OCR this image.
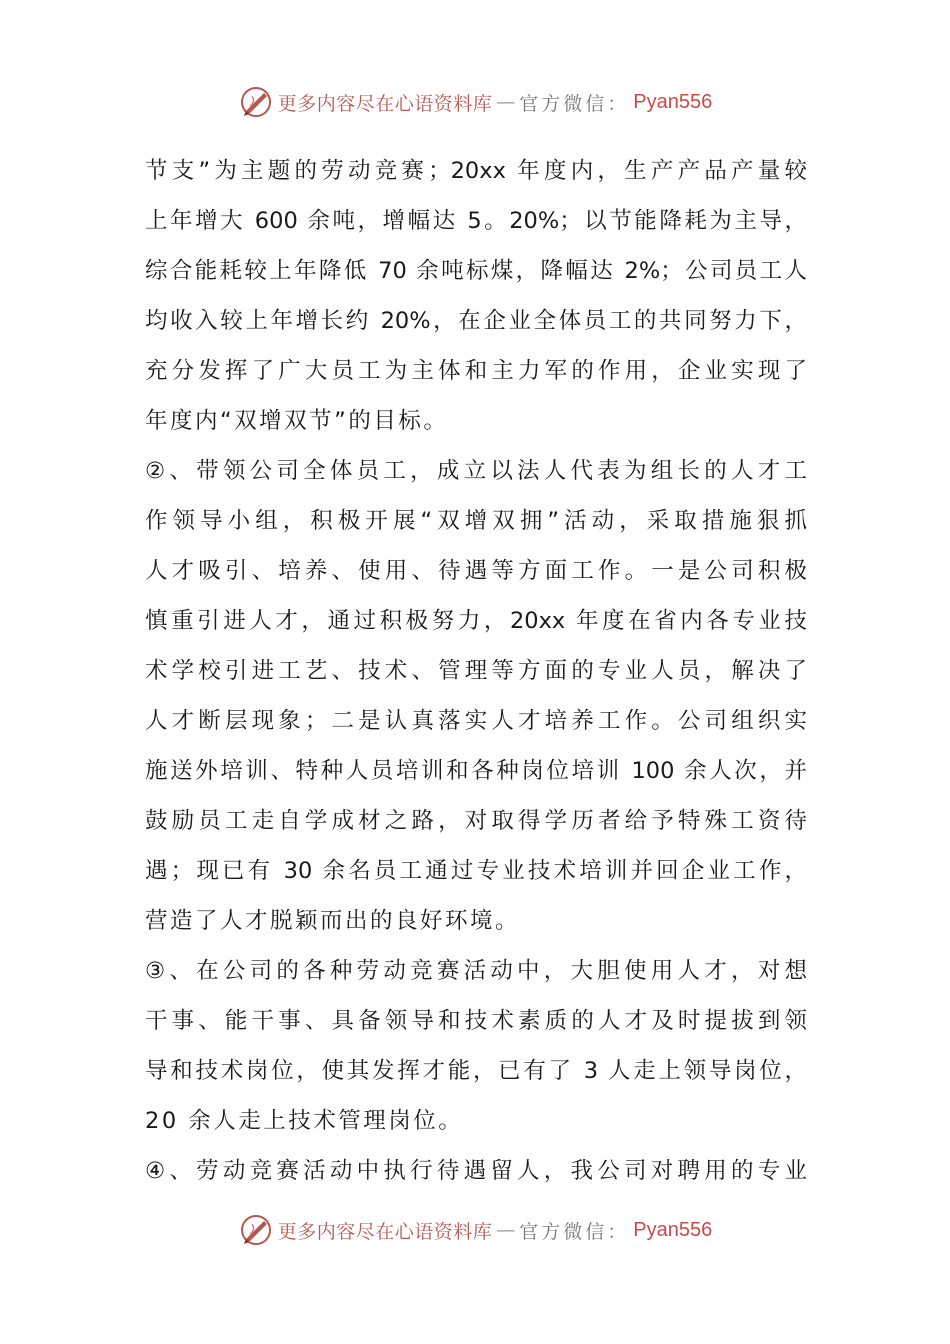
更多内容尽在心语资料库 — 官方微信： Pyan556
节支”为主题的劳动竞赛；20xx 年度内，生产产品产量较
上年增大 600 余吨，增幅达 5。20%；以节能降耗为主导，
综合能耗较上年降低 70 余吨标煤，降幅达 2%；公司员工人
均收入较上年增长约 20%，在企业全体员工的共同努力下，
充分发挥了广大员工为主体和主力军的作用，企业实现了
年度内“双增双节”的目标。
②、带领公司全体员工，成立以法人代表为组长的人才工
作领导小组，积极开展“双增双拥”活动，采取措施狠抓
人才吸引、培养、使用、待遇等方面工作。一是公司积极
慎重引进人才，通过积极努力，20xx 年度在省内各专业技
术学校引进工艺、技术、管理等方面的专业人员，解决了
人才断层现象；二是认真落实人才培养工作。公司组织实
施送外培训、特种人员培训和各种岗位培训 100 余人次，并
鼓励员工走自学成材之路，对取得学历者给予特殊工资待
遇；现已有 30 余名员工通过专业技术培训并回企业工作，
营造了人才脱颖而出的良好环境。
③、在公司的各种劳动竞赛活动中，大胆使用人才，对想
干事、能干事、具备领导和技术素质的人才及时提拔到领
导和技术岗位，使其发挥才能，已有了 3 人走上领导岗位，
20 余人走上技术管理岗位。
④、劳动竞赛活动中执行待遇留人，我公司对聘用的专业
更多内容尽在心语资料库 — 官方微信： Pyan556
